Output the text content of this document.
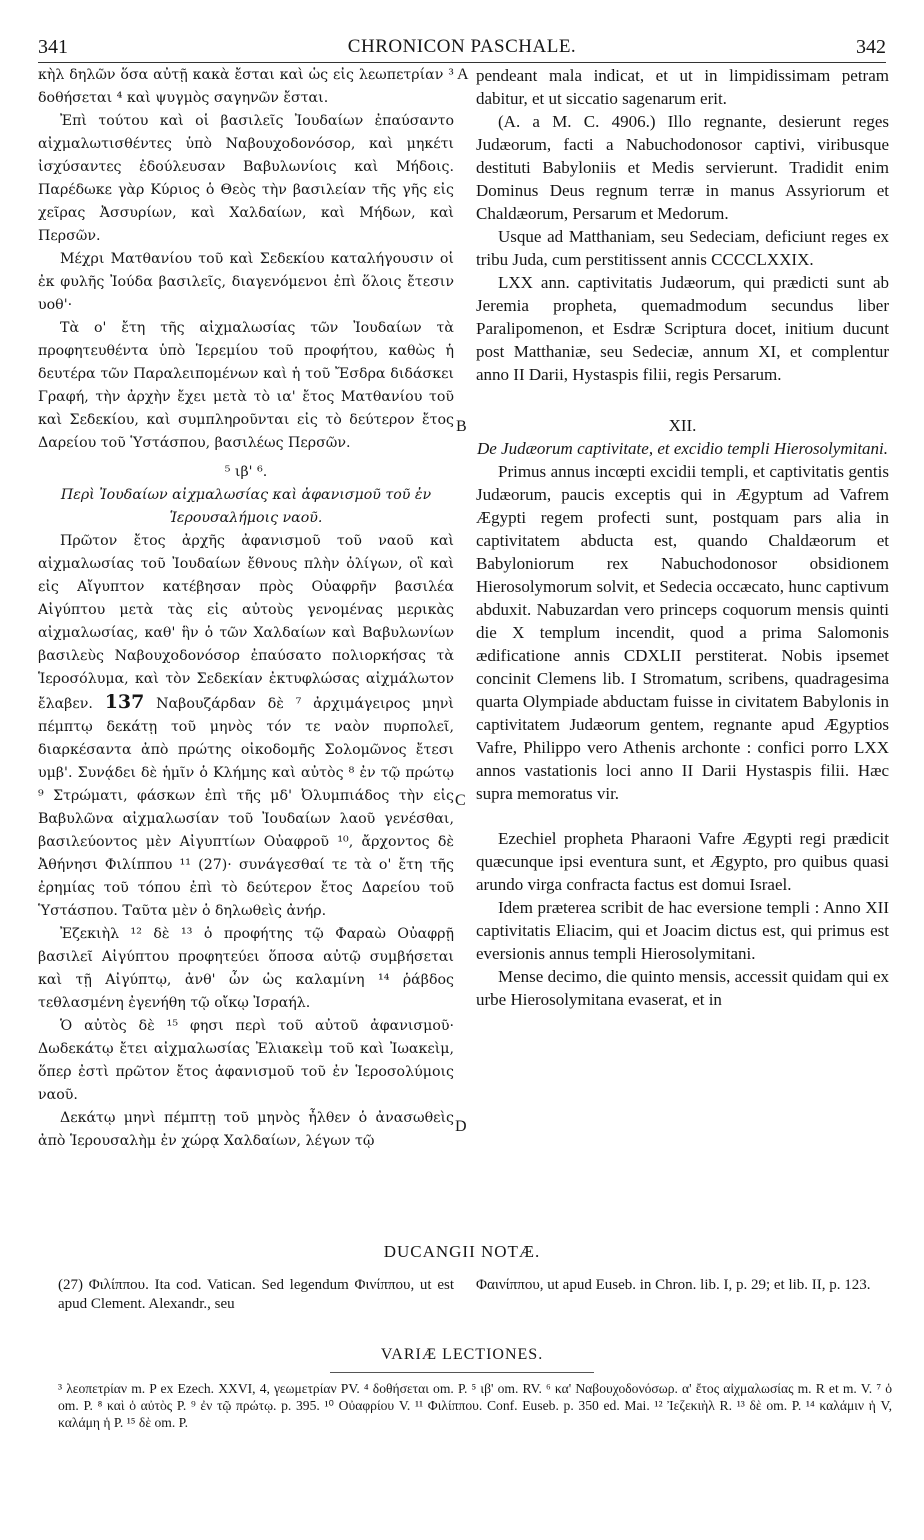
341	CHRONICON PASCHALE.	342

κὴλ δηλῶν ὅσα αὐτῇ κακὰ ἔσται καὶ ὡς εἰς λεωπετρίαν ³ δοθήσεται ⁴ καὶ ψυγμὸς σαγηνῶν ἔσται.

Ἐπὶ τούτου καὶ οἱ βασιλεῖς Ἰουδαίων ἐπαύσαντο αἰχμαλωτισθέντες ὑπὸ Ναβουχοδονόσορ, καὶ μηκέτι ἰσχύσαντες ἐδούλευσαν Βαβυλωνίοις καὶ Μήδοις. Παρέδωκε γὰρ Κύριος ὁ Θεὸς τὴν βασιλείαν τῆς γῆς εἰς χεῖρας Ἀσσυρίων, καὶ Χαλδαίων, καὶ Μήδων, καὶ Περσῶν.

Μέχρι Ματθανίου τοῦ καὶ Σεδεκίου καταλήγουσιν οἱ ἐκ φυλῆς Ἰούδα βασιλεῖς, διαγενόμενοι ἐπὶ ὅλοις ἔτεσιν υοθ'·

Τὰ ο' ἔτη τῆς αἰχμαλωσίας τῶν Ἰουδαίων τὰ προφητευθέντα ὑπὸ Ἱερεμίου τοῦ προφήτου, καθὼς ἡ δευτέρα τῶν Παραλειπομένων καὶ ἡ τοῦ Ἔσδρα διδάσκει Γραφή, τὴν ἀρχὴν ἔχει μετὰ τὸ ια' ἔτος Ματθανίου τοῦ καὶ Σεδεκίου, καὶ συμπληροῦνται εἰς τὸ δεύτερον ἔτος Δαρείου τοῦ Ὑστάσπου, βασιλέως Περσῶν.

⁵ ιβ' ⁶.

Περὶ Ἰουδαίων αἰχμαλωσίας καὶ ἀφανισμοῦ τοῦ ἐν Ἱερουσαλήμοις ναοῦ.

Πρῶτον ἔτος ἀρχῆς ἀφανισμοῦ τοῦ ναοῦ καὶ αἰχμαλωσίας τοῦ Ἰουδαίων ἔθνους πλὴν ὀλίγων, οἳ καὶ εἰς Αἴγυπτον κατέβησαν πρὸς Οὐαφρῆν βασιλέα Αἰγύπτου μετὰ τὰς εἰς αὐτοὺς γενομένας μερικὰς αἰχμαλωσίας, καθ' ἣν ὁ τῶν Χαλδαίων καὶ Βαβυλωνίων βασιλεὺς Ναβουχοδονόσορ ἐπαύσατο πολιορκήσας τὰ Ἱεροσόλυμα, καὶ τὸν Σεδεκίαν ἐκτυφλώσας αἰχμάλωτον ἔλαβεν. 137 Ναβουζάρδαν δὲ ⁷ ἀρχιμάγειρος μηνὶ πέμπτῳ δεκάτῃ τοῦ μηνὸς τόν τε ναὸν πυρπολεῖ, διαρκέσαντα ἀπὸ πρώτης οἰκοδομῆς Σολομῶνος ἔτεσι υμβ'. Συνᾴδει δὲ ἡμῖν ὁ Κλήμης καὶ αὐτὸς ⁸ ἐν τῷ πρώτῳ ⁹ Στρώματι, φάσκων ἐπὶ τῆς μδ' Ὀλυμπιάδος τὴν εἰς Βαβυλῶνα αἰχμαλωσίαν τοῦ Ἰουδαίων λαοῦ γενέσθαι, βασιλεύοντος μὲν Αἰγυπτίων Οὐαφροῦ ¹⁰, ἄρχοντος δὲ Ἀθήνησι Φιλίππου ¹¹ (27)· συνάγεσθαί τε τὰ ο' ἔτη τῆς ἐρημίας τοῦ τόπου ἐπὶ τὸ δεύτερον ἔτος Δαρείου τοῦ Ὑστάσπου. Ταῦτα μὲν ὁ δηλωθεὶς ἀνήρ.

Ἐζεκιὴλ ¹² δὲ ¹³ ὁ προφήτης τῷ Φαραὼ Οὐαφρῇ βασιλεῖ Αἰγύπτου προφητεύει ὅποσα αὐτῷ συμβήσεται καὶ τῇ Αἰγύπτῳ, ἀνθ' ὧν ὡς καλαμίνη ¹⁴ ῥάβδος τεθλασμένη ἐγενήθη τῷ οἴκῳ Ἰσραήλ.

Ὁ αὐτὸς δὲ ¹⁵ φησι περὶ τοῦ αὐτοῦ ἀφανισμοῦ· Δωδεκάτῳ ἔτει αἰχμαλωσίας Ἐλιακεὶμ τοῦ καὶ Ἰωακεὶμ, ὅπερ ἐστὶ πρῶτον ἔτος ἀφανισμοῦ τοῦ ἐν Ἱεροσολύμοις ναοῦ.

Δεκάτῳ μηνὶ πέμπτῃ τοῦ μηνὸς ἦλθεν ὁ ἀνασωθεὶς ἀπὸ Ἱερουσαλὴμ ἐν χώρᾳ Χαλδαίων, λέγων τῷ

A
B
C
D

pendeant mala indicat, et ut in limpidissimam petram dabitur, et ut siccatio sagenarum erit.

(A. a M. C. 4906.) Illo regnante, desierunt reges Judæorum, facti a Nabuchodonosor captivi, viribusque destituti Babyloniis et Medis servierunt. Tradidit enim Dominus Deus regnum terræ in manus Assyriorum et Chaldæorum, Persarum et Medorum.

Usque ad Matthaniam, seu Sedeciam, deficiunt reges ex tribu Juda, cum perstitissent annis CCCCLXXIX.

LXX ann. captivitatis Judæorum, qui prædicti sunt ab Jeremia propheta, quemadmodum secundus liber Paralipomenon, et Esdræ Scriptura docet, initium ducunt post Matthaniæ, seu Sedeciæ, annum XI, et complentur anno II Darii, Hystaspis filii, regis Persarum.

XII.

De Judæorum captivitate, et excidio templi Hierosolymitani.

Primus annus incœpti excidii templi, et captivitatis gentis Judæorum, paucis exceptis qui in Ægyptum ad Vafrem Ægypti regem profecti sunt, postquam pars alia in captivitatem abducta est, quando Chaldæorum et Babyloniorum rex Nabuchodonosor obsidionem Hierosolymorum solvit, et Sedecia occæcato, hunc captivum abduxit. Nabuzardan vero princeps coquorum mensis quinti die X templum incendit, quod a prima Salomonis ædificatione annis CDXLII perstiterat. Nobis ipsemet concinit Clemens lib. I Stromatum, scribens, quadragesima quarta Olympiade abductam fuisse in civitatem Babylonis in captivitatem Judæorum gentem, regnante apud Ægyptios Vafre, Philippo vero Athenis archonte : confici porro LXX annos vastationis loci anno II Darii Hystaspis filii. Hæc supra memoratus vir.

Ezechiel propheta Pharaoni Vafre Ægypti regi prædicit quæcunque ipsi eventura sunt, et Ægypto, pro quibus quasi arundo virga confracta factus est domui Israel.

Idem præterea scribit de hac eversione templi : Anno XII captivitatis Eliacim, qui et Joacim dictus est, qui primus est eversionis annus templi Hierosolymitani.

Mense decimo, die quinto mensis, accessit quidam qui ex urbe Hierosolymitana evaserat, et in

DUCANGII NOTÆ.
(27) Φιλίππου. Ita cod. Vatican. Sed legendum Φινίππου, ut est apud Clement. Alexandr., seu
Φαινίππου, ut apud Euseb. in Chron. lib. I, p. 29; et lib. II, p. 123.
VARIÆ LECTIONES.
³ λεοπετρίαν m. P ex Ezech. XXVI, 4, γεωμετρίαν PV. ⁴ δοθήσεται om. P. ⁵ ιβ' om. RV. ⁶ κα' Ναβουχοδονόσωρ. α' ἔτος αἰχμαλωσίας m. R et m. V. ⁷ ὁ om. P. ⁸ καὶ ὁ αὐτὸς P. ⁹ ἐν τῷ πρώτῳ. p. 395. ¹⁰ Οὐαφρίου V. ¹¹ Φιλίππου. Conf. Euseb. p. 350 ed. Mai. ¹² Ἰεζεκιὴλ R. ¹³ δὲ om. P. ¹⁴ καλάμιν ἡ V, καλάμη ἡ P. ¹⁵ δὲ om. P.
